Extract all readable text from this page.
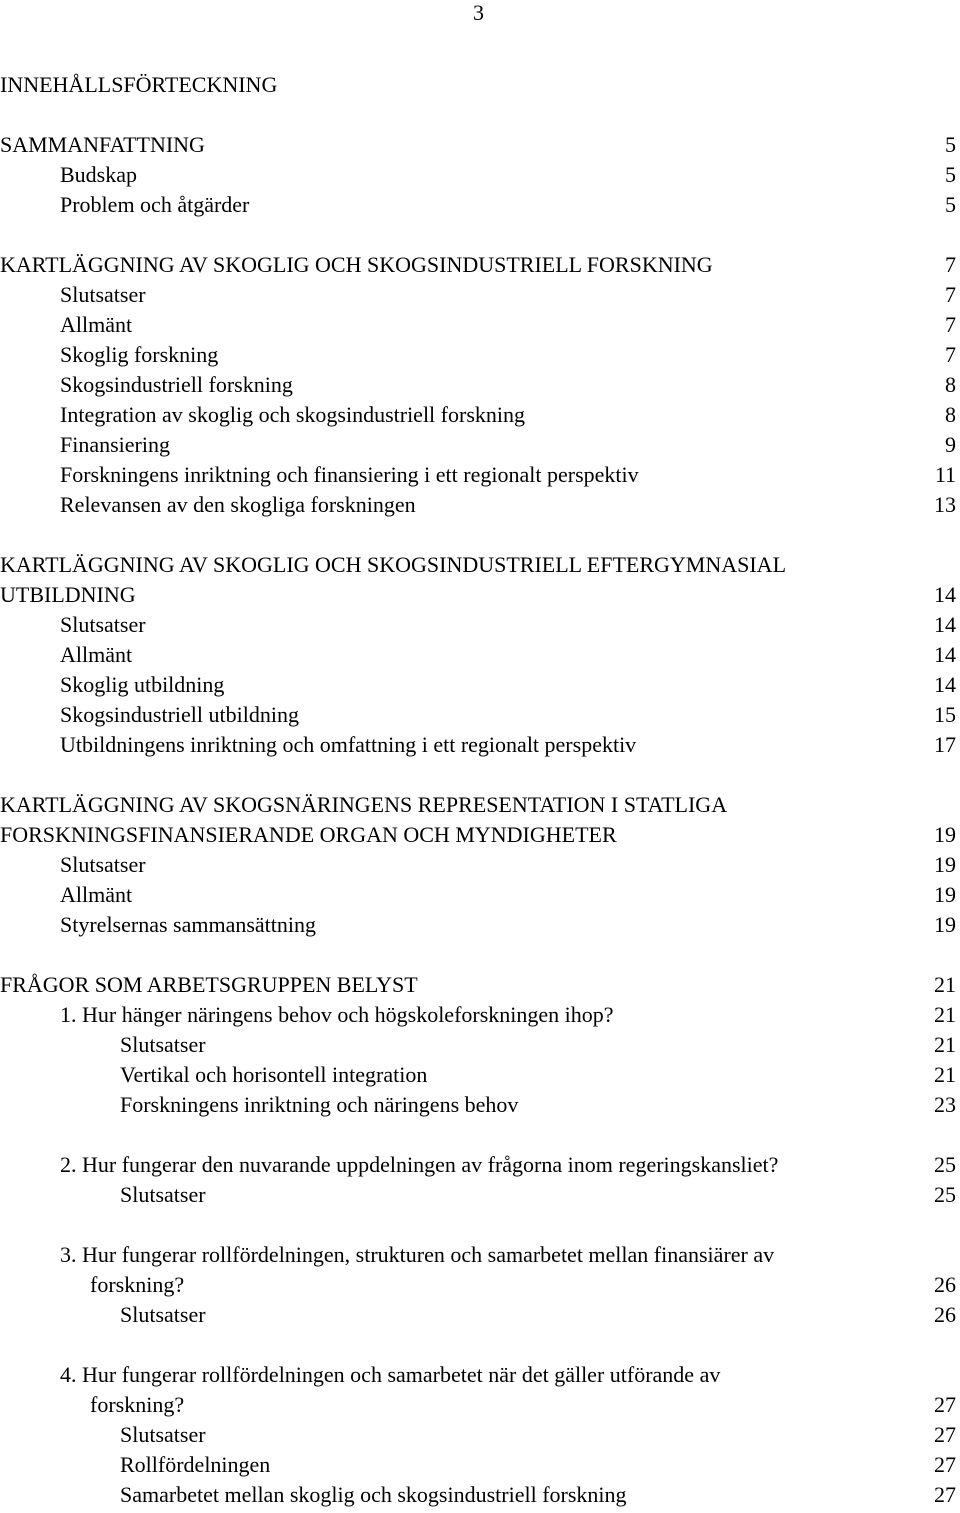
3
INNEHÅLLSFÖRTECKNING
SAMMANFATTNING	5
Budskap	5
Problem och åtgärder	5
KARTLÄGGNING AV SKOGLIG OCH SKOGSINDUSTRIELL FORSKNING	7
Slutsatser	7
Allmänt	7
Skoglig forskning	7
Skogsindustriell forskning	8
Integration av skoglig och skogsindustriell forskning	8
Finansiering	9
Forskningens inriktning och finansiering i ett regionalt perspektiv	11
Relevansen av den skogliga forskningen	13
KARTLÄGGNING AV SKOGLIG OCH SKOGSINDUSTRIELL EFTERGYMNASIAL
UTBILDNING	14
Slutsatser	14
Allmänt	14
Skoglig utbildning	14
Skogsindustriell utbildning	15
Utbildningens inriktning och omfattning i ett regionalt perspektiv	17
KARTLÄGGNING AV SKOGSNÄRINGENS REPRESENTATION I STATLIGA
FORSKNINGSFINANSIERANDE ORGAN OCH MYNDIGHETER	19
Slutsatser	19
Allmänt	19
Styrelsernas sammansättning	19
FRÅGOR SOM ARBETSGRUPPEN BELYST	21
1. Hur hänger näringens behov och högskoleforskningen ihop?	21
Slutsatser	21
Vertikal och horisontell integration	21
Forskningens inriktning och näringens behov	23
2. Hur fungerar den nuvarande uppdelningen av frågorna inom regeringskansliet?	25
Slutsatser	25
3. Hur fungerar rollfördelningen, strukturen och samarbetet mellan finansiärer av
forskning?	26
Slutsatser	26
4. Hur fungerar rollfördelningen och samarbetet när det gäller utförande av
forskning?	27
Slutsatser	27
Rollfördelningen	27
Samarbetet mellan skoglig och skogsindustriell forskning	27
